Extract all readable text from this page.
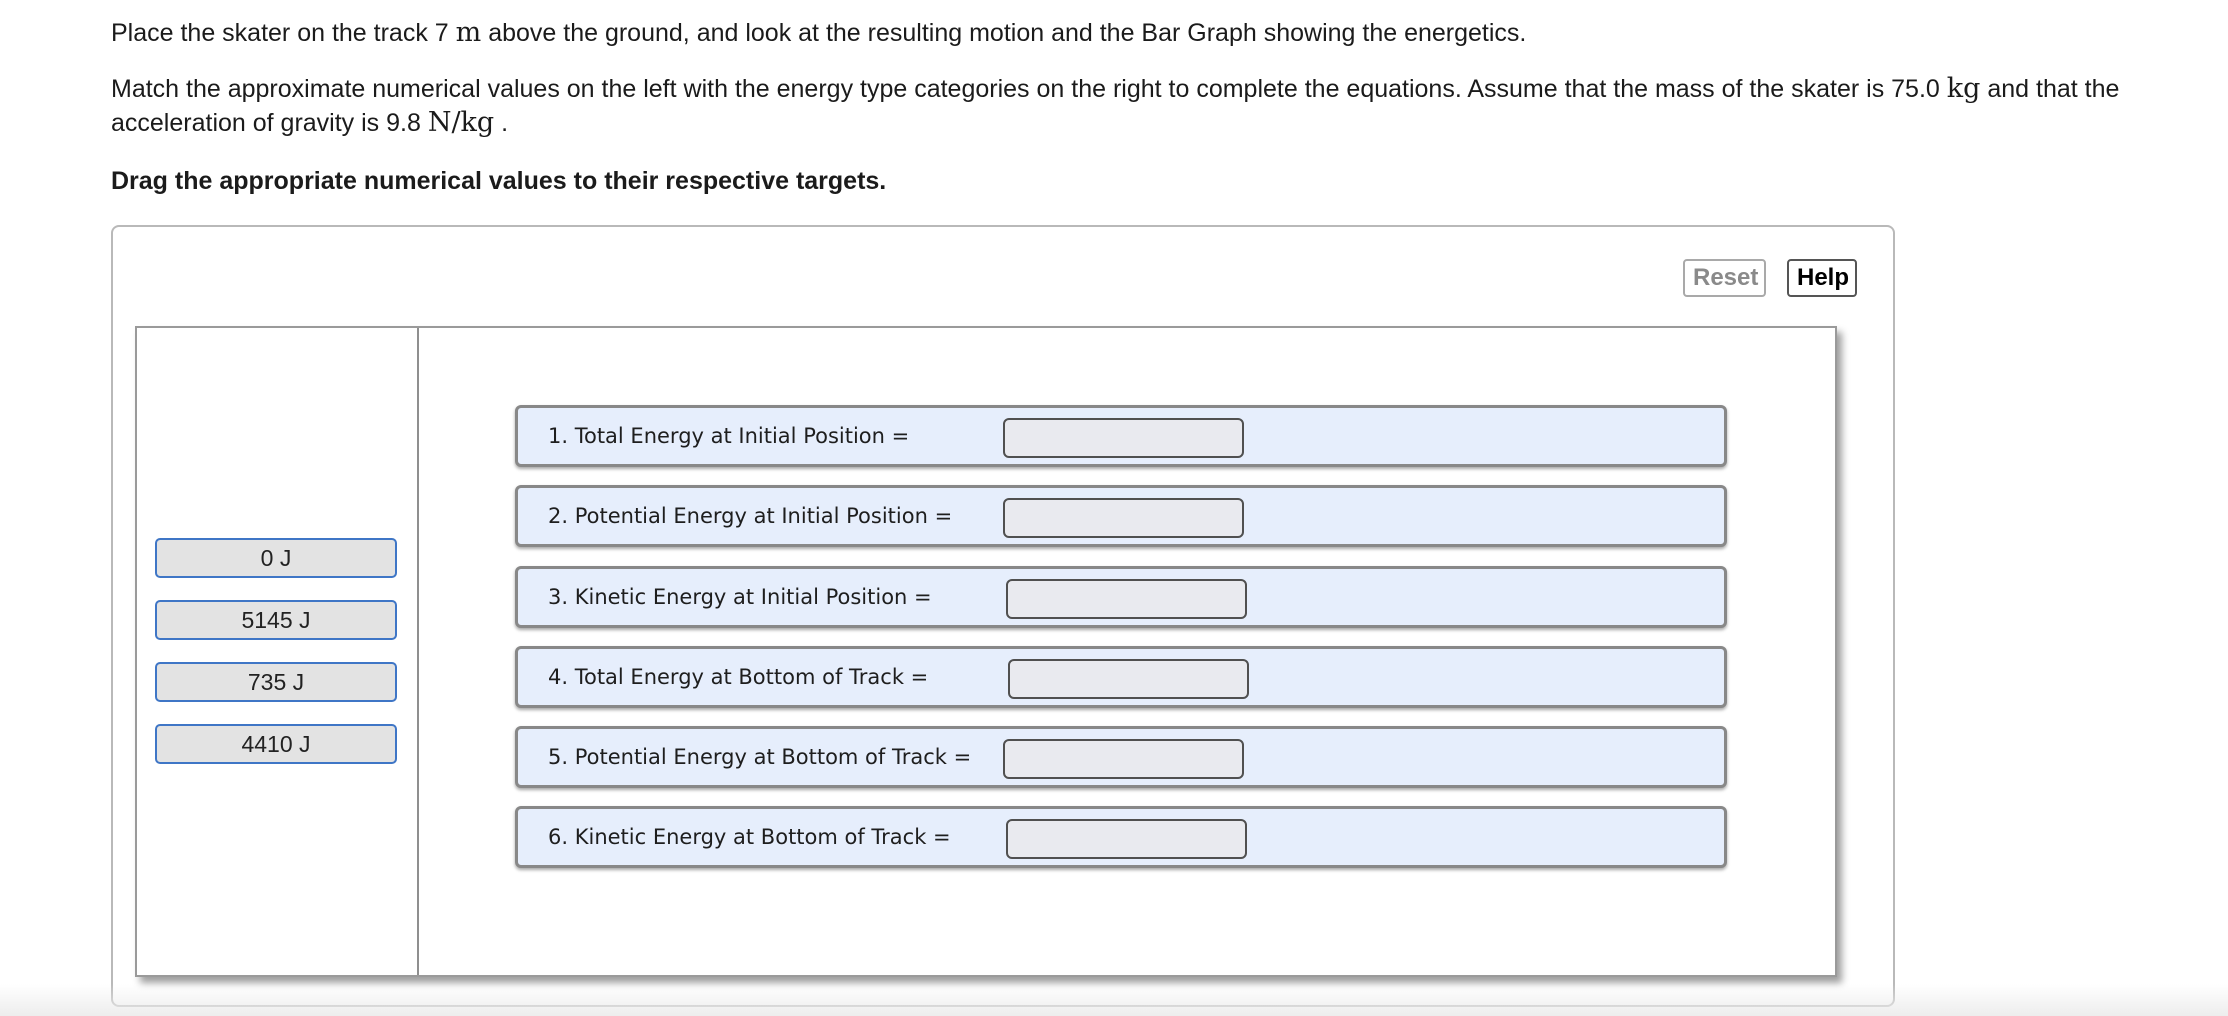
Place the skater on the track 7 m above the ground, and look at the resulting motion and the Bar Graph showing the energetics.

Match the approximate numerical values on the left with the energy type categories on the right to complete the equations. Assume that the mass of the skater is 75.0 kg and that the acceleration of gravity is 9.8 N/kg .

Drag the appropriate numerical values to their respective targets.

Reset	Help
0 J
5145 J
735 J
4410 J
1. Total Energy at Initial Position =
2. Potential Energy at Initial Position =
3. Kinetic Energy at Initial Position =
4. Total Energy at Bottom of Track =
5. Potential Energy at Bottom of Track =
6. Kinetic Energy at Bottom of Track =
